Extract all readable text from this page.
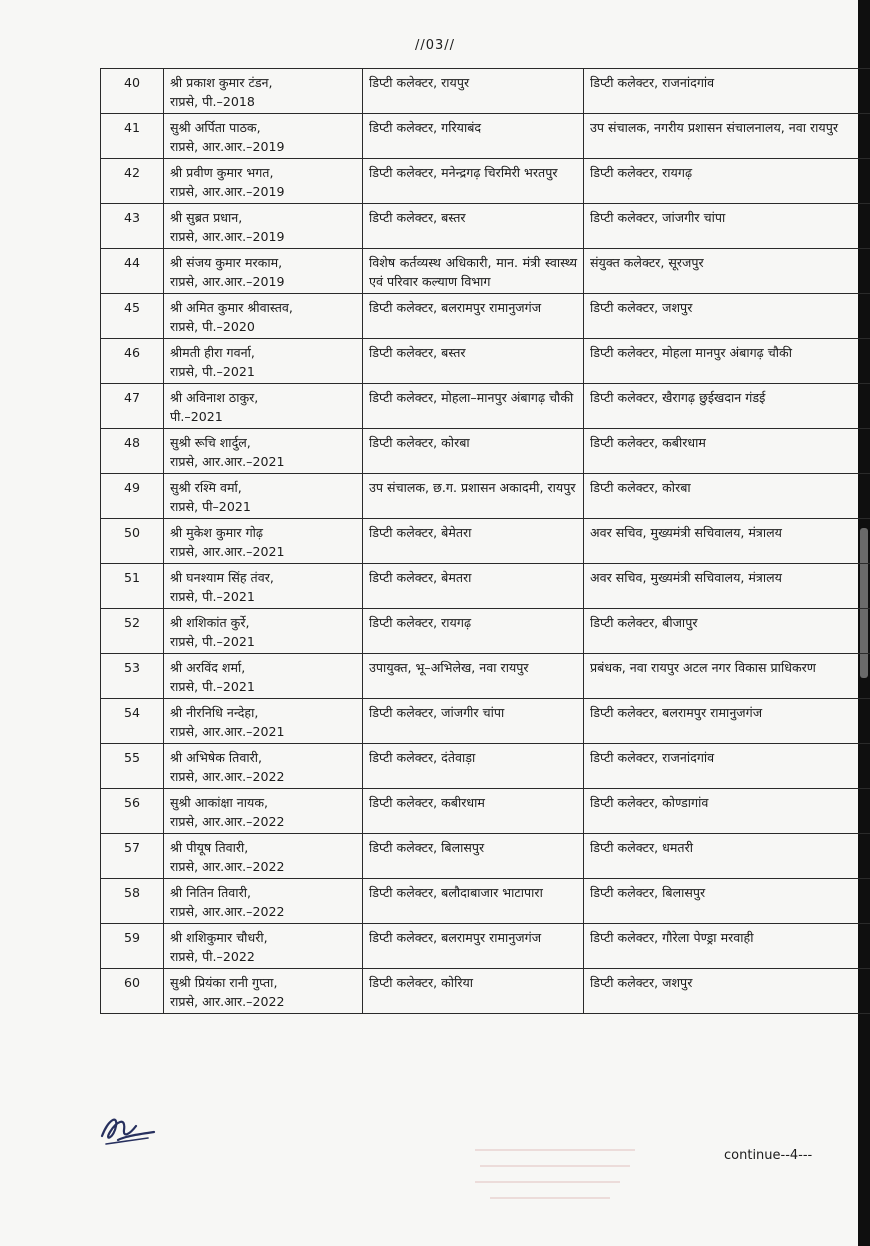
//03//
40	श्री प्रकाश कुमार टंडन,
राप्रसे, पी.–2018	डिप्टी कलेक्टर, रायपुर	डिप्टी कलेक्टर, राजनांदगांव
41	सुश्री अर्पिता पाठक,
राप्रसे, आर.आर.–2019	डिप्टी कलेक्टर, गरियाबंद	उप संचालक, नगरीय प्रशासन संचालनालय, नवा रायपुर
42	श्री प्रवीण कुमार भगत,
राप्रसे, आर.आर.–2019	डिप्टी कलेक्टर, मनेन्द्रगढ़ चिरमिरी भरतपुर	डिप्टी कलेक्टर, रायगढ़
43	श्री सुब्रत प्रधान,
राप्रसे, आर.आर.–2019	डिप्टी कलेक्टर, बस्तर	डिप्टी कलेक्टर, जांजगीर चांपा
44	श्री संजय कुमार मरकाम,
राप्रसे, आर.आर.–2019	विशेष कर्तव्यस्थ अधिकारी, मान. मंत्री स्वास्थ्य एवं परिवार कल्याण विभाग	संयुक्त कलेक्टर, सूरजपुर
45	श्री अमित कुमार श्रीवास्तव,
राप्रसे, पी.–2020	डिप्टी कलेक्टर, बलरामपुर रामानुजगंज	डिप्टी कलेक्टर, जशपुर
46	श्रीमती हीरा गवर्ना,
राप्रसे, पी.–2021	डिप्टी कलेक्टर, बस्तर	डिप्टी कलेक्टर, मोहला मानपुर अंबागढ़ चौकी
47	श्री अविनाश ठाकुर,
पी.–2021	डिप्टी कलेक्टर, मोहला–मानपुर अंबागढ़ चौकी	डिप्टी कलेक्टर, खैरागढ़ छुईखदान गंडई
48	सुश्री रूचि शार्दुल,
राप्रसे, आर.आर.–2021	डिप्टी कलेक्टर, कोरबा	डिप्टी कलेक्टर, कबीरधाम
49	सुश्री रश्मि वर्मा,
राप्रसे, पी–2021	उप संचालक, छ.ग. प्रशासन अकादमी, रायपुर	डिप्टी कलेक्टर, कोरबा
50	श्री मुकेश कुमार गोढ़
राप्रसे, आर.आर.–2021	डिप्टी कलेक्टर, बेमेतरा	अवर सचिव, मुख्यमंत्री सचिवालय, मंत्रालय
51	श्री घनश्याम सिंह तंवर,
राप्रसे, पी.–2021	डिप्टी कलेक्टर, बेमतरा	अवर सचिव, मुख्यमंत्री सचिवालय, मंत्रालय
52	श्री शशिकांत कुर्रे,
राप्रसे, पी.–2021	डिप्टी कलेक्टर, रायगढ़	डिप्टी कलेक्टर, बीजापुर
53	श्री अरविंद शर्मा,
राप्रसे, पी.–2021	उपायुक्त, भू–अभिलेख, नवा रायपुर	प्रबंधक, नवा रायपुर अटल नगर विकास प्राधिकरण
54	श्री नीरनिधि नन्देहा,
राप्रसे, आर.आर.–2021	डिप्टी कलेक्टर, जांजगीर चांपा	डिप्टी कलेक्टर, बलरामपुर रामानुजगंज
55	श्री अभिषेक तिवारी,
राप्रसे, आर.आर.–2022	डिप्टी कलेक्टर, दंतेवाड़ा	डिप्टी कलेक्टर, राजनांदगांव
56	सुश्री आकांक्षा नायक,
राप्रसे, आर.आर.–2022	डिप्टी कलेक्टर, कबीरधाम	डिप्टी कलेक्टर, कोण्डागांव
57	श्री पीयूष तिवारी,
राप्रसे, आर.आर.–2022	डिप्टी कलेक्टर, बिलासपुर	डिप्टी कलेक्टर, धमतरी
58	श्री नितिन तिवारी,
राप्रसे, आर.आर.–2022	डिप्टी कलेक्टर, बलौदाबाजार भाटापारा	डिप्टी कलेक्टर, बिलासपुर
59	श्री शशिकुमार चौधरी,
राप्रसे, पी.–2022	डिप्टी कलेक्टर, बलरामपुर रामानुजगंज	डिप्टी कलेक्टर, गौरेला पेण्ड्रा मरवाही
60	सुश्री प्रियंका रानी गुप्ता,
राप्रसे, आर.आर.–2022	डिप्टी कलेक्टर, कोरिया	डिप्टी कलेक्टर, जशपुर
continue--4---
